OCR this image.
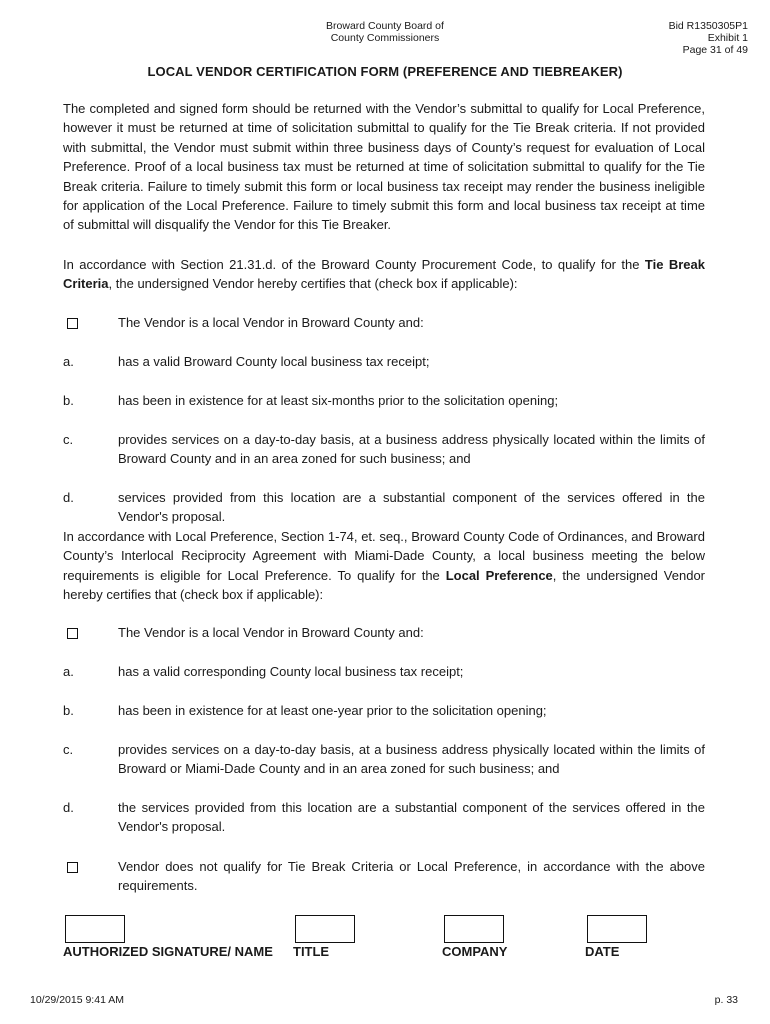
Broward County Board of
County Commissioners
Bid R1350305P1
Exhibit 1
Page 31 of 49
LOCAL VENDOR CERTIFICATION FORM (PREFERENCE AND TIEBREAKER)

The completed and signed form should be returned with the Vendor’s submittal to qualify for Local Preference, however it must be returned at time of solicitation submittal to qualify for the Tie Break criteria. If not provided with submittal, the Vendor must submit within three business days of County’s request for evaluation of Local Preference. Proof of a local business tax must be returned at time of solicitation submittal to qualify for the Tie Break criteria. Failure to timely submit this form or local business tax receipt may render the business ineligible for application of the Local Preference. Failure to timely submit this form and local business tax receipt at time of submittal will disqualify the Vendor for this Tie Breaker.

In accordance with Section 21.31.d. of the Broward County Procurement Code, to qualify for the Tie Break Criteria, the undersigned Vendor hereby certifies that (check box if applicable):

The Vendor is a local Vendor in Broward County and:
a.	has a valid Broward County local business tax receipt;
b.	has been in existence for at least six-months prior to the solicitation opening;
c.	provides services on a day-to-day basis, at a business address physically located within the limits of Broward County and in an area zoned for such business; and
d.	services provided from this location are a substantial component of the services offered in the Vendor's proposal.

In accordance with Local Preference, Section 1-74, et. seq., Broward County Code of Ordinances, and Broward County’s Interlocal Reciprocity Agreement with Miami-Dade County, a local business meeting the below requirements is eligible for Local Preference. To qualify for the Local Preference, the undersigned Vendor hereby certifies that (check box if applicable):

The Vendor is a local Vendor in Broward County and:
a.	has a valid corresponding County local business tax receipt;
b.	has been in existence for at least one-year prior to the solicitation opening;
c.	provides services on a day-to-day basis, at a business address physically located within the limits of Broward or Miami-Dade County and in an area zoned for such business; and
d.	the services provided from this location are a substantial component of the services offered in the Vendor's proposal.
Vendor does not qualify for Tie Break Criteria or Local Preference, in accordance with the above requirements.
AUTHORIZED SIGNATURE/ NAME TITLE	COMPANY	DATE
10/29/2015 9:41 AM	p. 33
